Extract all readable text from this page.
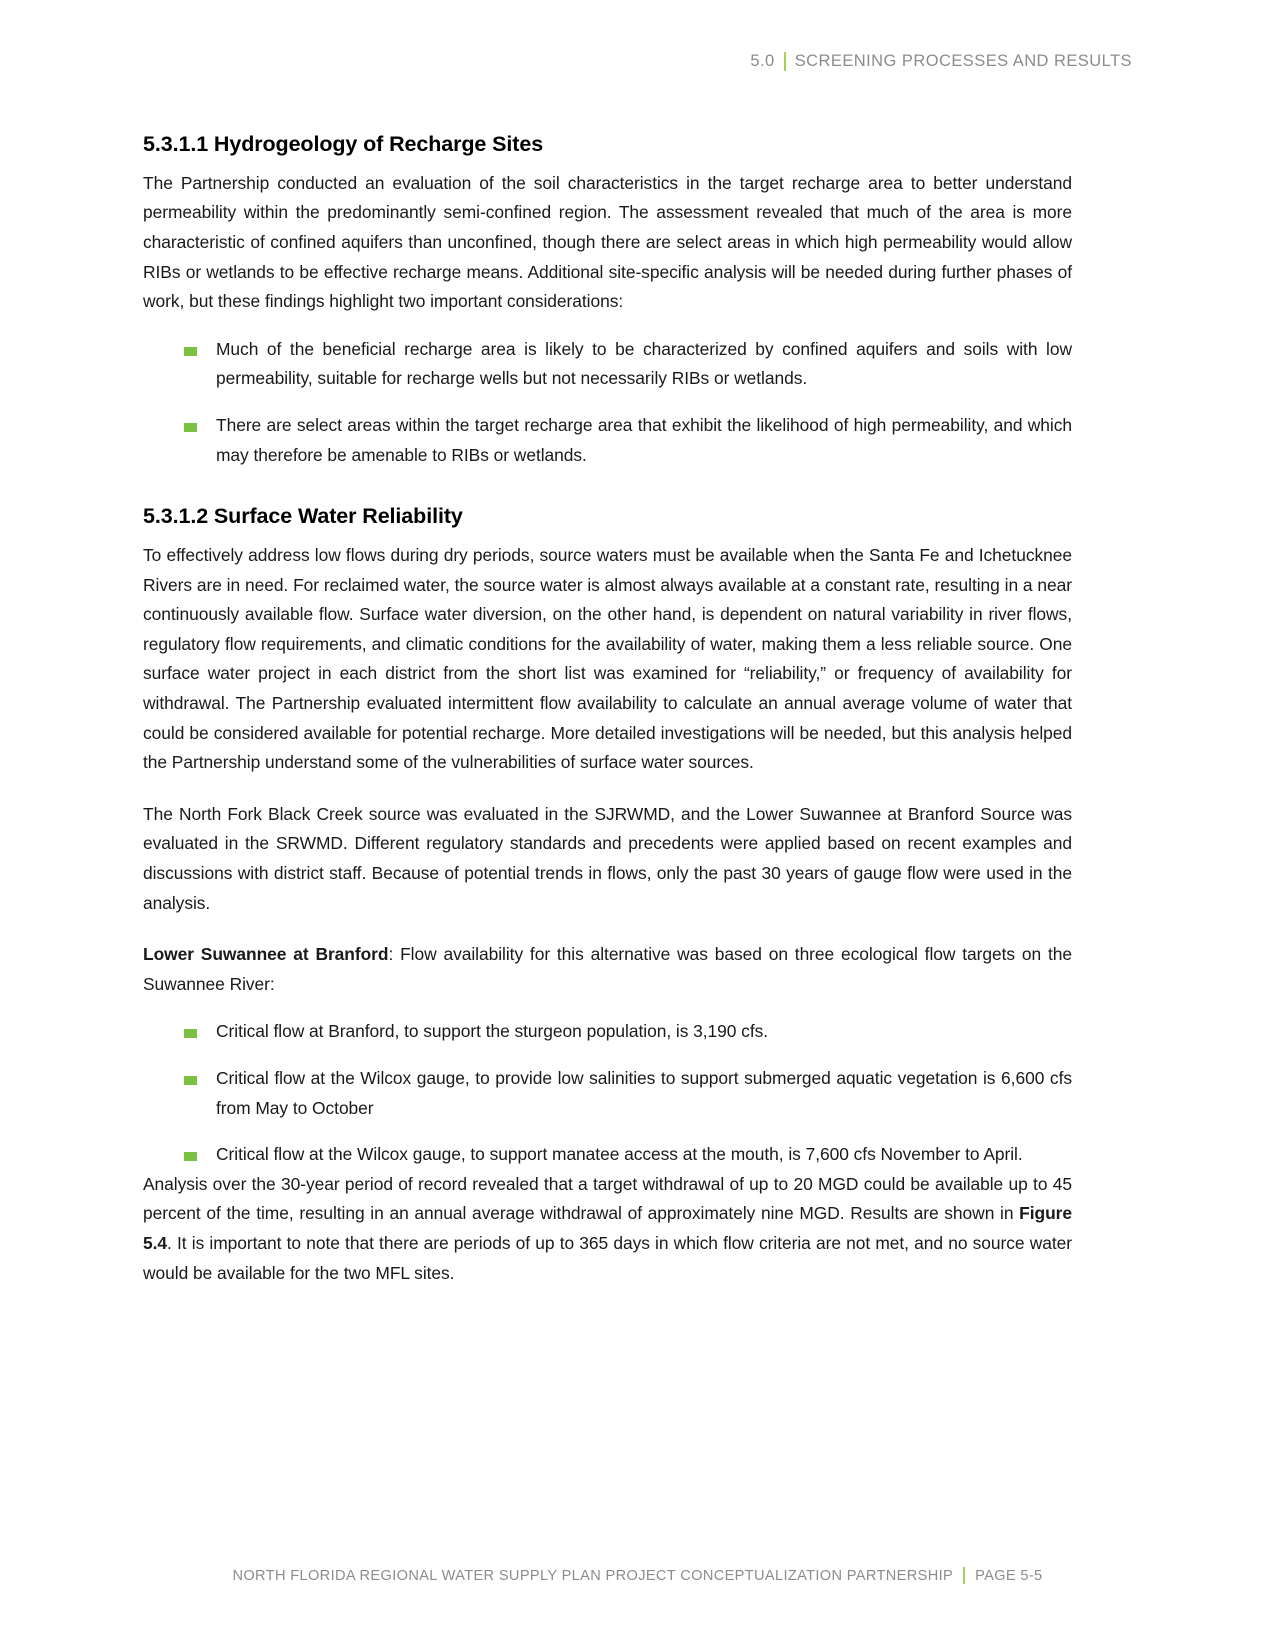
5.0 SCREENING PROCESSES AND RESULTS
5.3.1.1 Hydrogeology of Recharge Sites

The Partnership conducted an evaluation of the soil characteristics in the target recharge area to better understand permeability within the predominantly semi-confined region. The assessment revealed that much of the area is more characteristic of confined aquifers than unconfined, though there are select areas in which high permeability would allow RIBs or wetlands to be effective recharge means. Additional site-specific analysis will be needed during further phases of work, but these findings highlight two important considerations:

Much of the beneficial recharge area is likely to be characterized by confined aquifers and soils with low permeability, suitable for recharge wells but not necessarily RIBs or wetlands.
There are select areas within the target recharge area that exhibit the likelihood of high permeability, and which may therefore be amenable to RIBs or wetlands.
5.3.1.2 Surface Water Reliability

To effectively address low flows during dry periods, source waters must be available when the Santa Fe and Ichetucknee Rivers are in need. For reclaimed water, the source water is almost always available at a constant rate, resulting in a near continuously available flow. Surface water diversion, on the other hand, is dependent on natural variability in river flows, regulatory flow requirements, and climatic conditions for the availability of water, making them a less reliable source. One surface water project in each district from the short list was examined for “reliability,” or frequency of availability for withdrawal. The Partnership evaluated intermittent flow availability to calculate an annual average volume of water that could be considered available for potential recharge. More detailed investigations will be needed, but this analysis helped the Partnership understand some of the vulnerabilities of surface water sources.

The North Fork Black Creek source was evaluated in the SJRWMD, and the Lower Suwannee at Branford Source was evaluated in the SRWMD. Different regulatory standards and precedents were applied based on recent examples and discussions with district staff. Because of potential trends in flows, only the past 30 years of gauge flow were used in the analysis.

Lower Suwannee at Branford: Flow availability for this alternative was based on three ecological flow targets on the Suwannee River:

Critical flow at Branford, to support the sturgeon population, is 3,190 cfs.
Critical flow at the Wilcox gauge, to provide low salinities to support submerged aquatic vegetation is 6,600 cfs from May to October
Critical flow at the Wilcox gauge, to support manatee access at the mouth, is 7,600 cfs November to April.

Analysis over the 30-year period of record revealed that a target withdrawal of up to 20 MGD could be available up to 45 percent of the time, resulting in an annual average withdrawal of approximately nine MGD. Results are shown in Figure 5.4. It is important to note that there are periods of up to 365 days in which flow criteria are not met, and no source water would be available for the two MFL sites.

NORTH FLORIDA REGIONAL WATER SUPPLY PLAN PROJECT CONCEPTUALIZATION PARTNERSHIP PAGE 5-5
